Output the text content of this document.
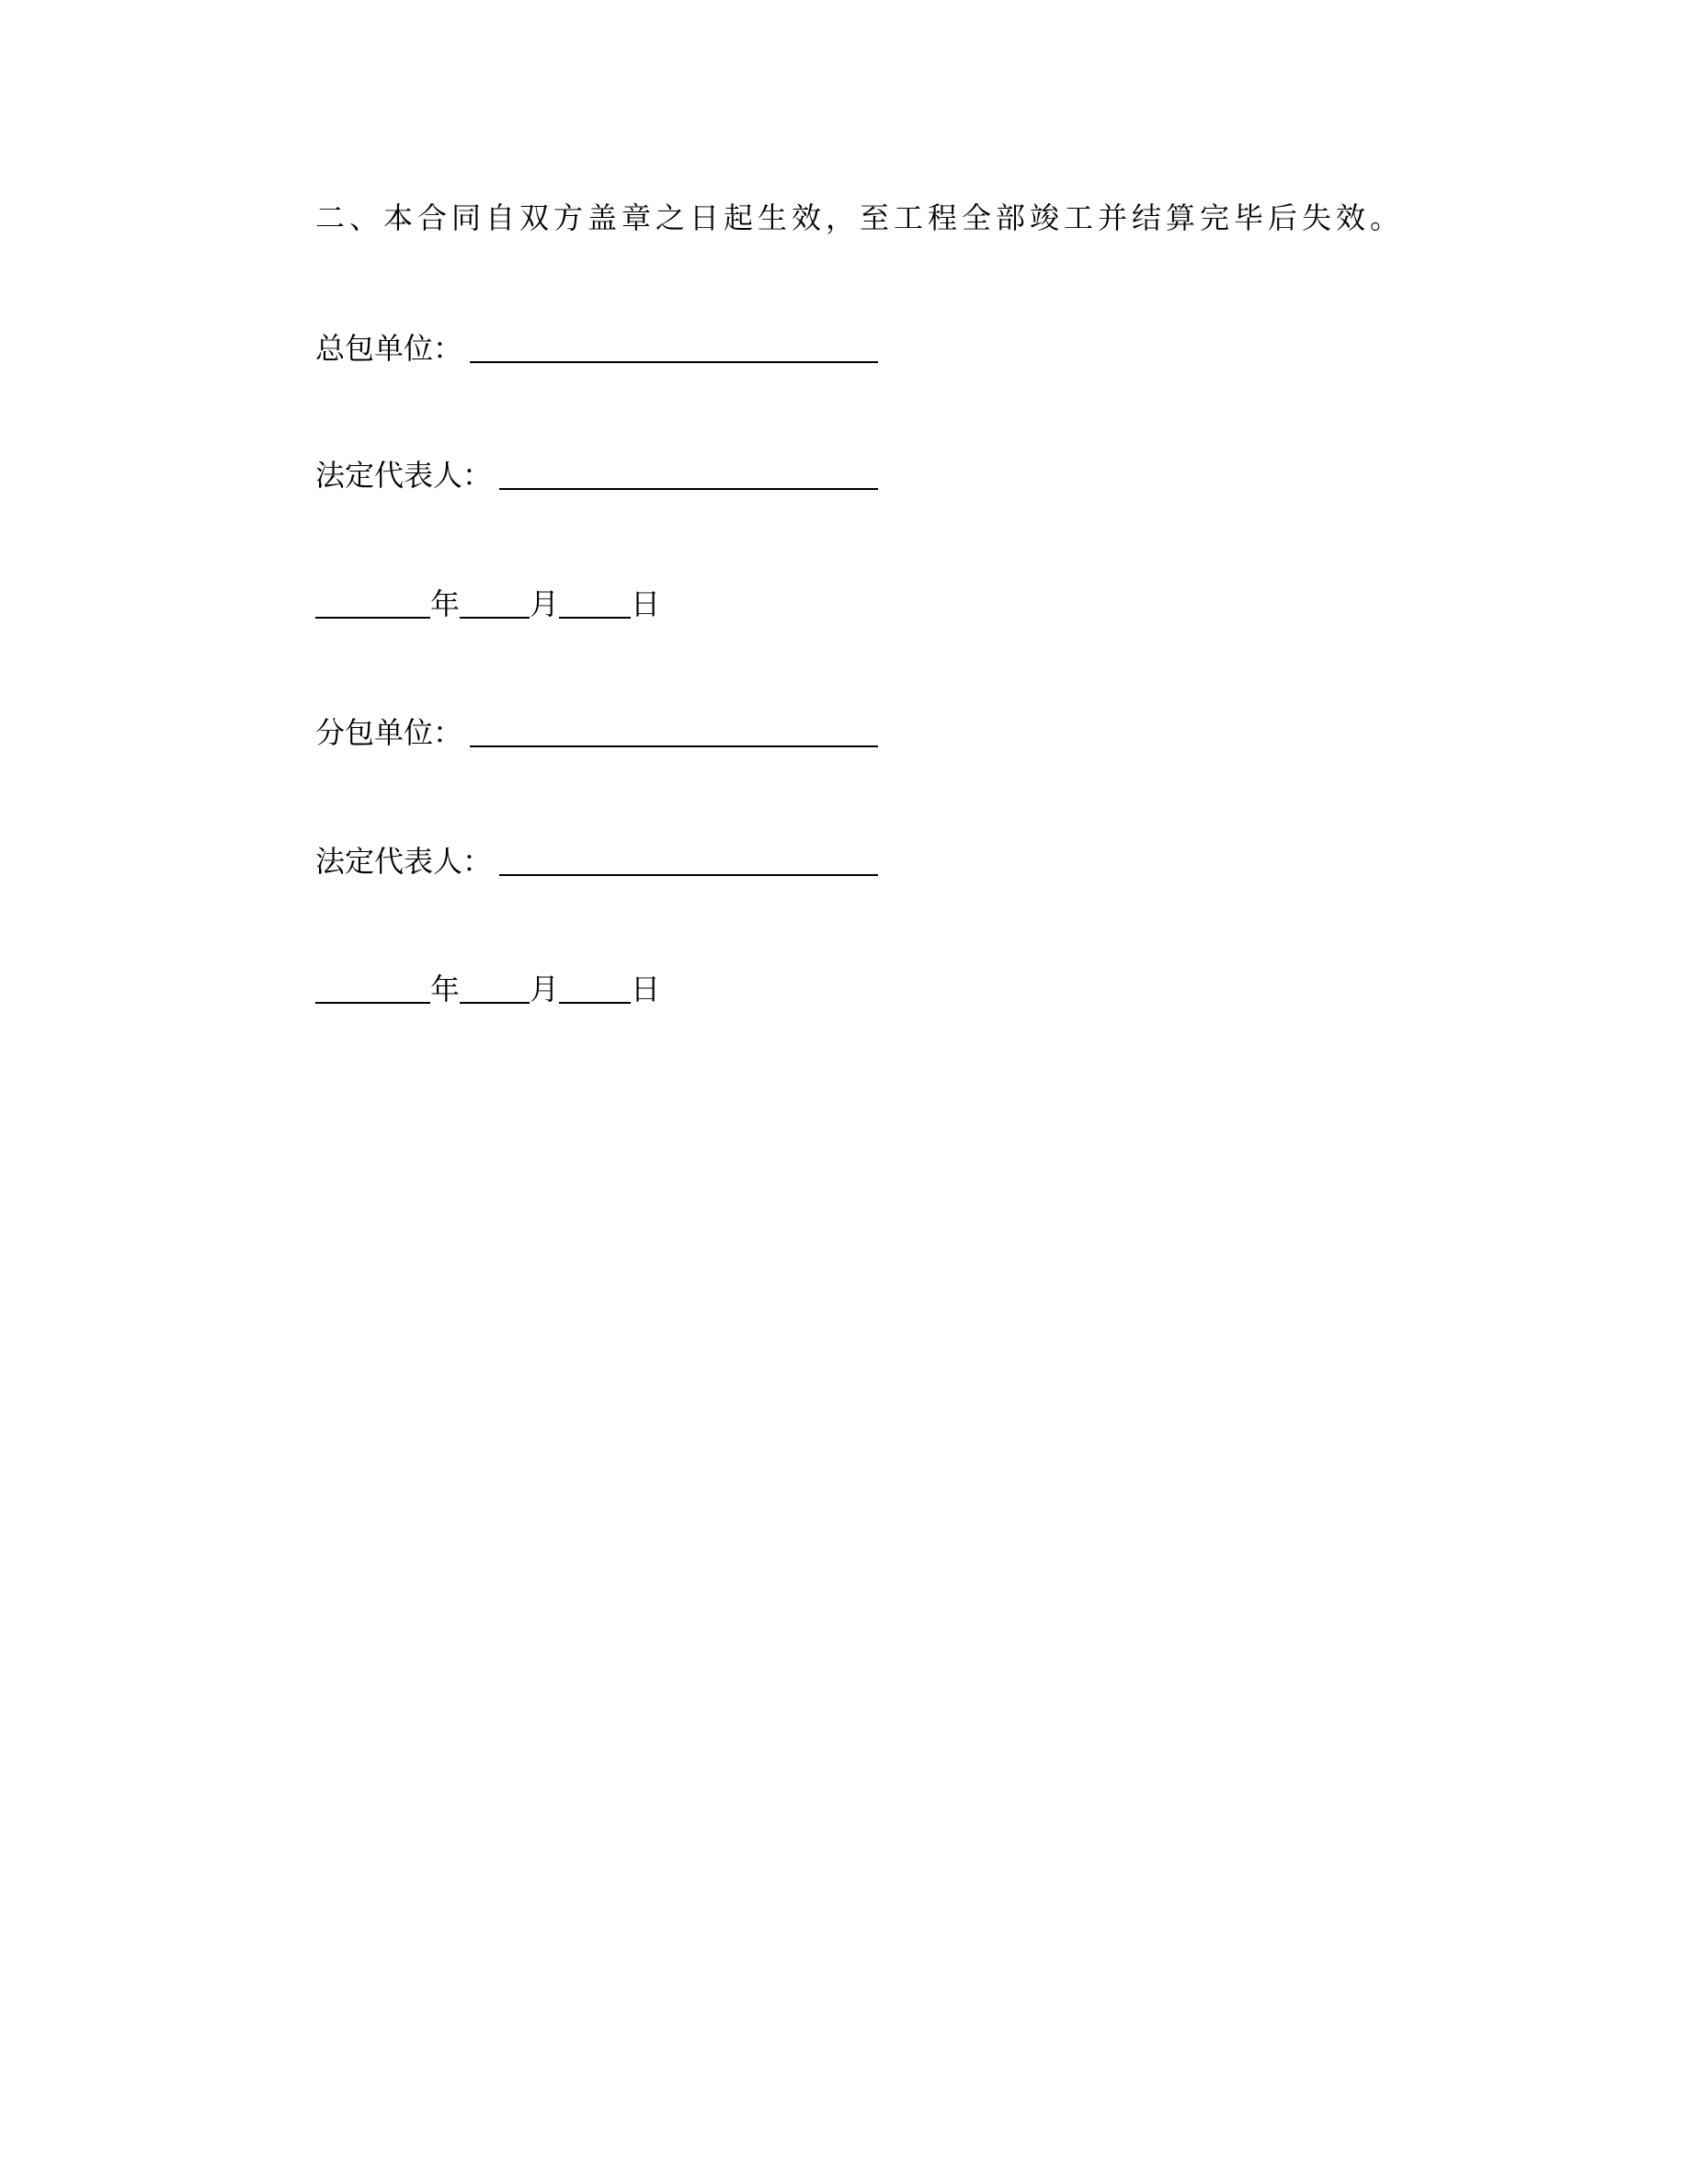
二、本合同自双方盖章之日起生效，至工程全部竣工并结算完毕后失效。
总包单位：
法定代表人：
年 月 日
分包单位：
法定代表人：
年 月 日
